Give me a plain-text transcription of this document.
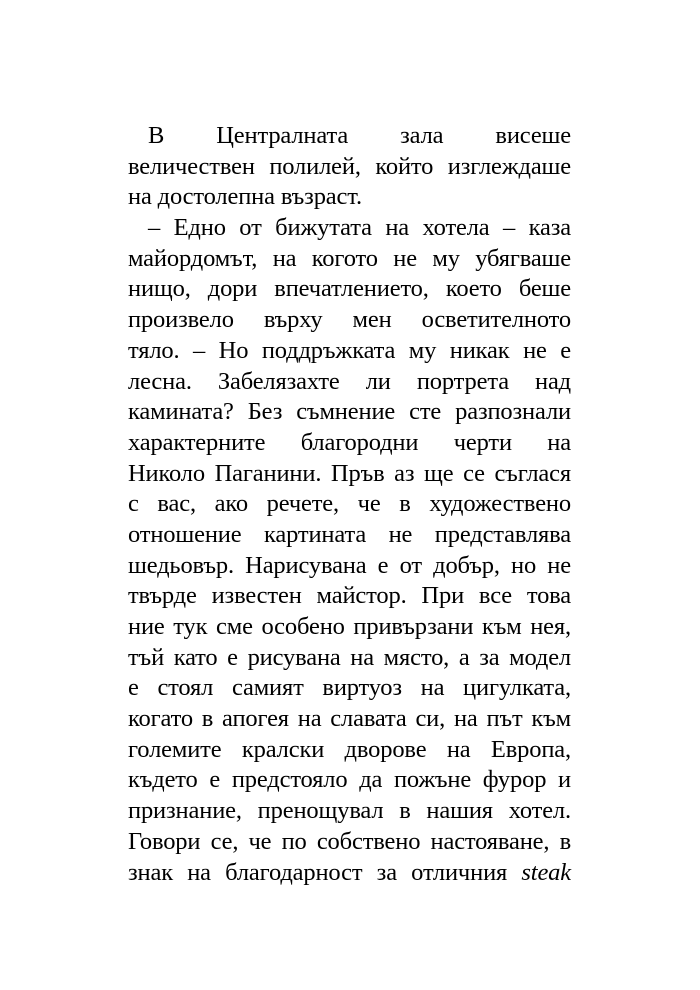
В Централната зала висеше
величествен полилей, който изглеждаше
на достолепна възраст.
– Едно от бижутата на хотела – каза
майордомът, на когото не му убягваше
нищо, дори впечатлението, което беше
произвело върху мен осветителното
тяло. – Но поддръжката му никак не е
лесна. Забелязахте ли портрета над
камината? Без съмнение сте разпознали
характерните благородни черти на
Николо Паганини. Пръв аз ще се съглася
с вас, ако речете, че в художествено
отношение картината не представлява
шедьовър. Нарисувана е от добър, но не
твърде известен майстор. При все това
ние тук сме особено привързани към нея,
тъй като е рисувана на място, а за модел
е стоял самият виртуоз на цигулката,
когато в апогея на славата си, на път към
големите кралски дворове на Европа,
където е предстояло да пожъне фурор и
признание, пренощувал в нашия хотел.
Говори се, че по собствено настояване, в
знак на благодарност за отличния steak
